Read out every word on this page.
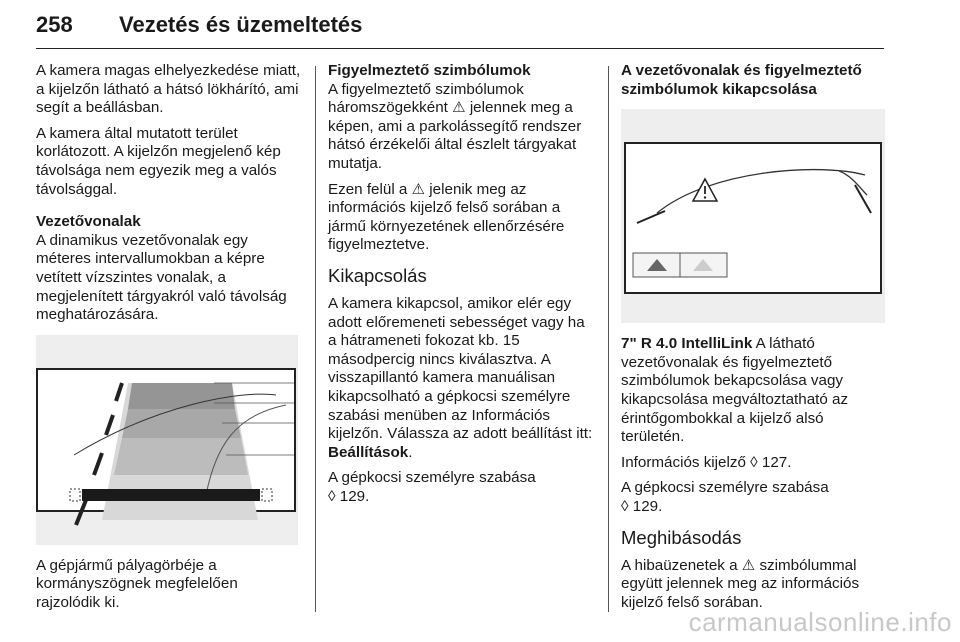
258 Vezetés és üzemeltetés

A kamera magas elhelyezkedése miatt, a kijelzőn látható a hátsó lökhárító, ami segít a beállásban.

A kamera által mutatott terület korlátozott. A kijelzőn megjelenő kép távolsága nem egyezik meg a valós távolsággal.

Vezetővonalak
A dinamikus vezetővonalak egy méteres intervallumokban a képre vetített vízszintes vonalak, a megjelenített tárgyakról való távolság meghatározására.

A gépjármű pályagörbéje a kormányszögnek megfelelően rajzolódik ki.

Figyelmeztető szimbólumok
A figyelmeztető szimbólumok háromszögekként ⚠ jelennek meg a képen, ami a parkolássegítő rendszer hátsó érzékelői által észlelt tárgyakat mutatja.

Ezen felül a ⚠ jelenik meg az információs kijelző felső sorában a jármű környezetének ellenőrzésére figyelmeztetve.

Kikapcsolás

A kamera kikapcsol, amikor elér egy adott előremeneti sebességet vagy ha a hátrameneti fokozat kb. 15 másodpercig nincs kiválasztva. A visszapillantó kamera manuálisan kikapcsolható a gépkocsi személyre szabási menüben az Információs kijelzőn. Válassza az adott beállítást itt: Beállítások.

A gépkocsi személyre szabása
◊ 129.

A vezetővonalak és figyelmeztető szimbólumok kikapcsolása

7" R 4.0 IntelliLink A látható vezetővonalak és figyelmeztető szimbólumok bekapcsolása vagy kikapcsolása megváltoztatható az érintőgombokkal a kijelző alsó területén.

Információs kijelző ◊ 127.

A gépkocsi személyre szabása
◊ 129.

Meghibásodás

A hibaüzenetek a ⚠ szimbólummal együtt jelennek meg az információs kijelző felső sorában.

carmanualsonline.info
